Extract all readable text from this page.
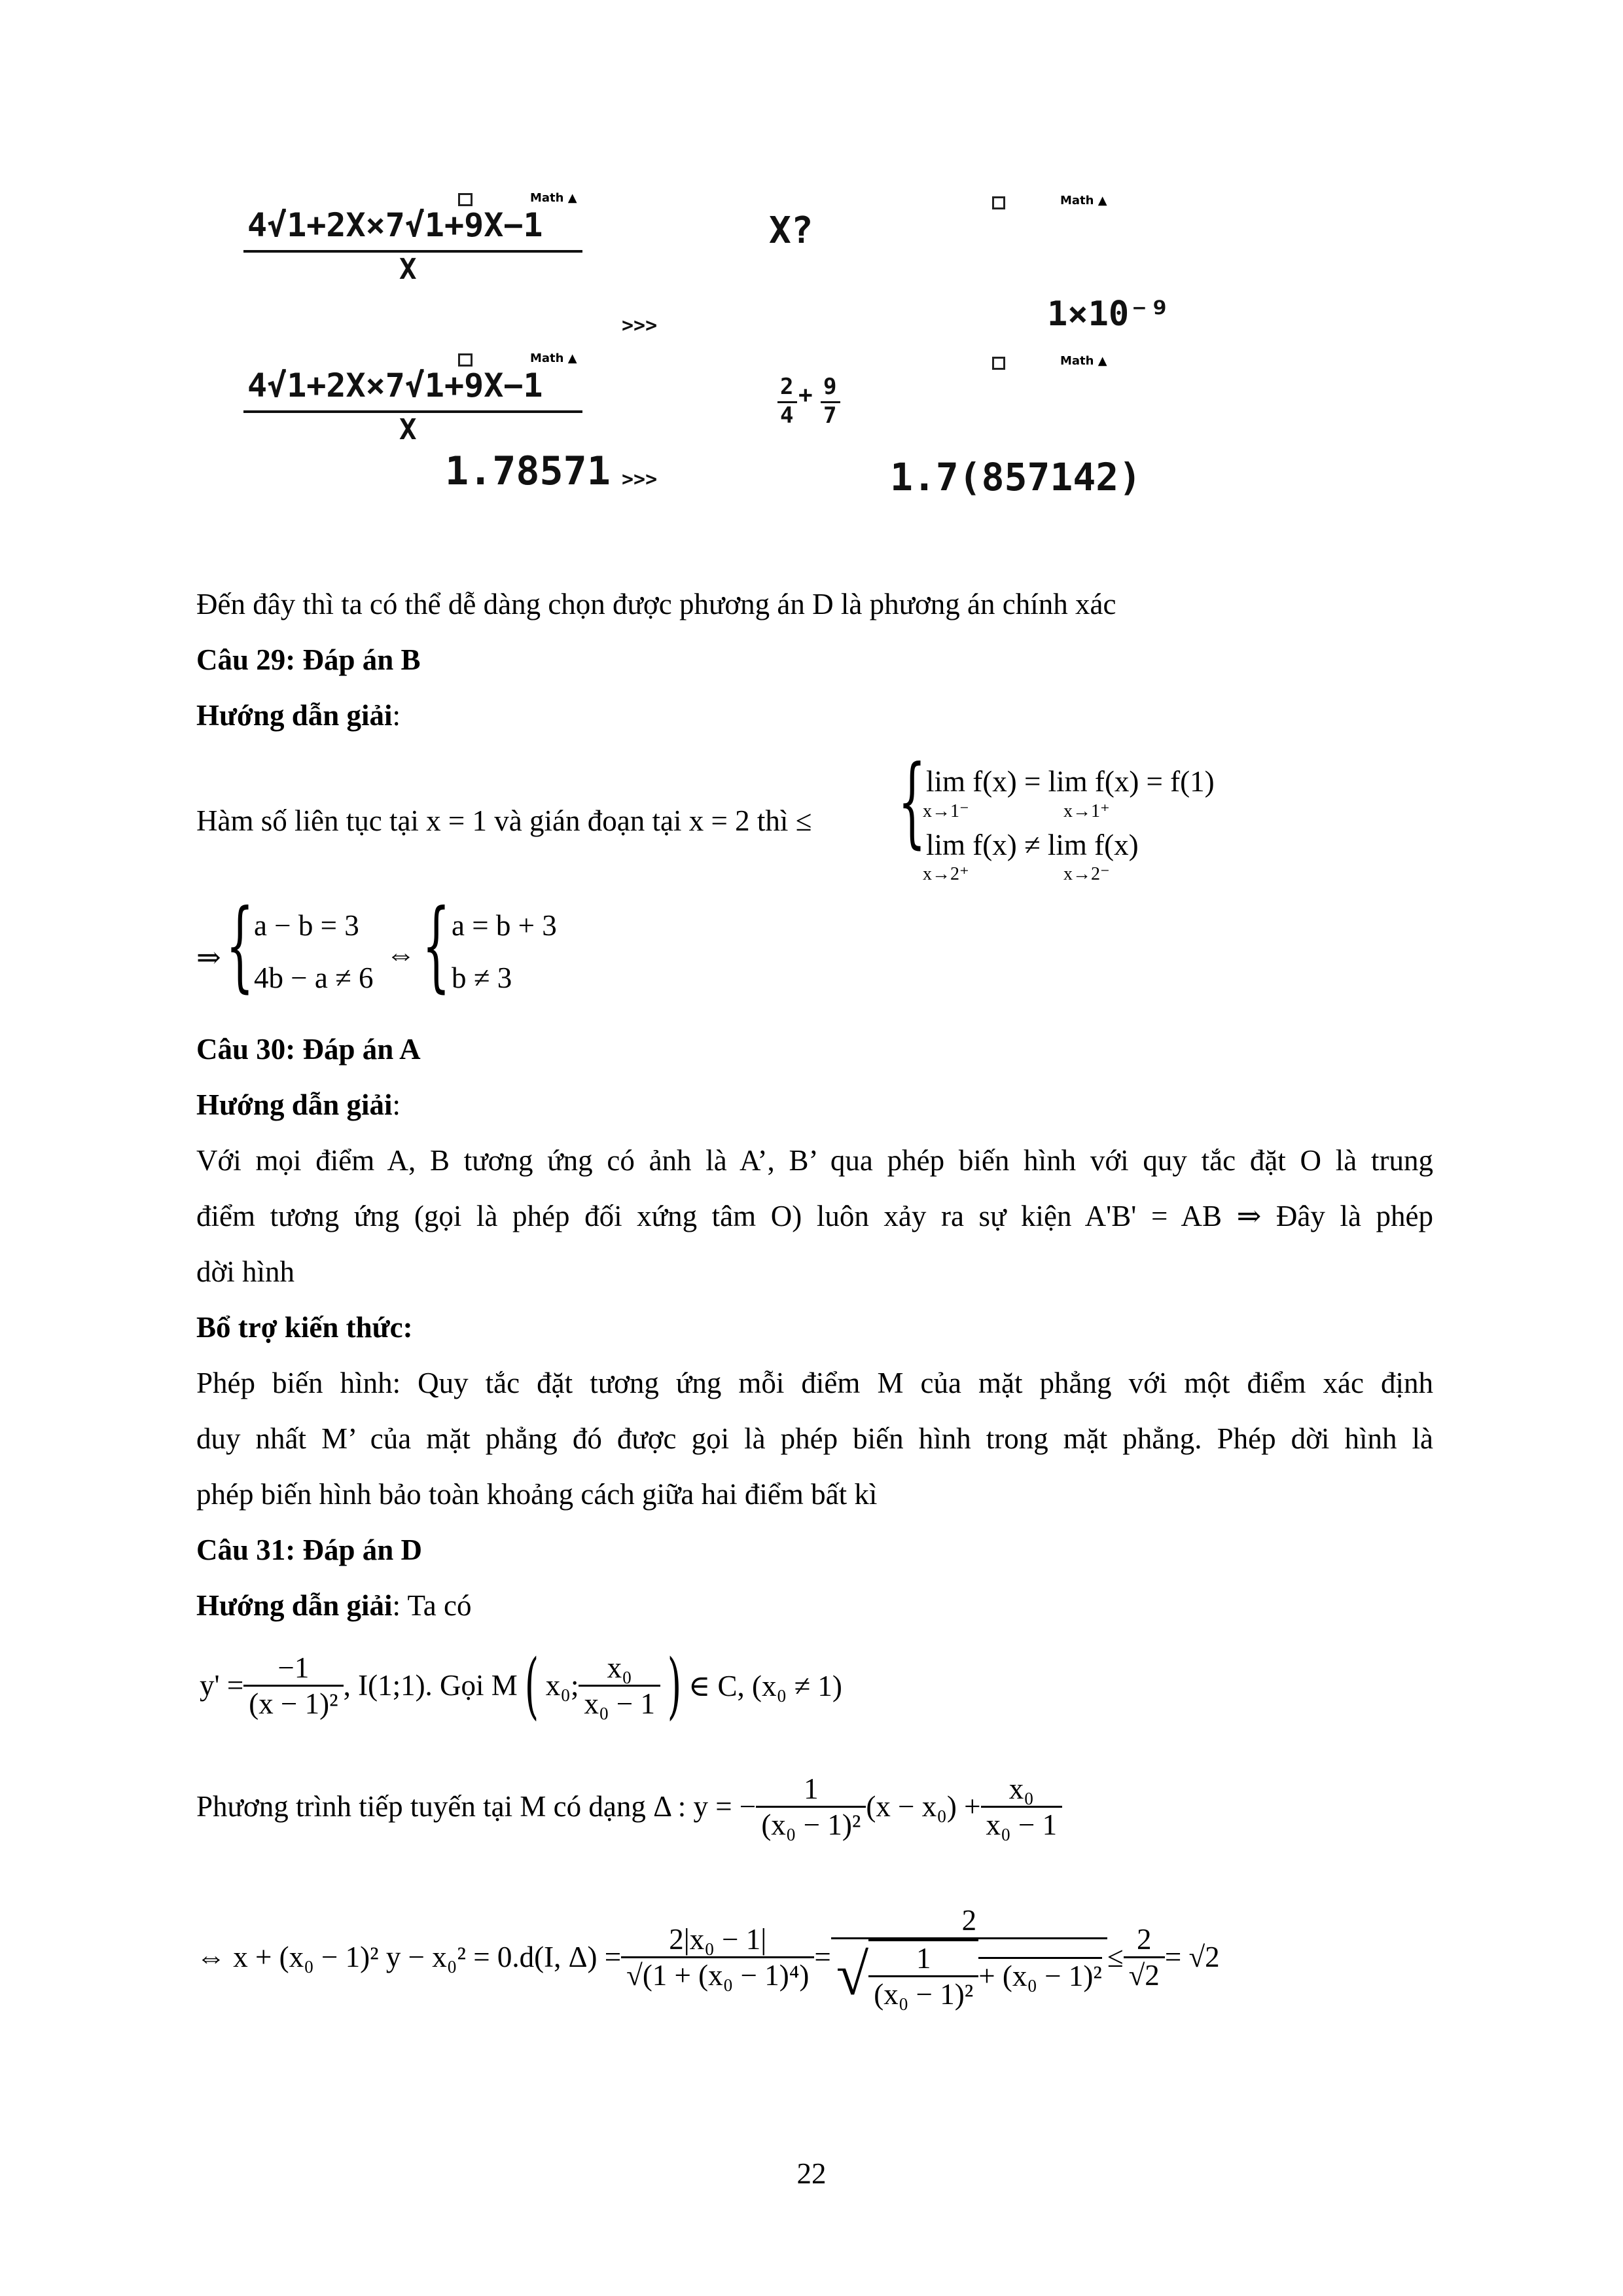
Math ▲
4√1+2X×7√1+9X−1
X
>>>
X?
Math ▲
1×10⁻⁹
Math ▲
4√1+2X×7√1+9X−1
X
1.78571 >>>
2
4
+ 9
7
Math ▲
1.7(857142)
Đến đây thì ta có thể dễ dàng chọn được phương án D là phương án chính xác
Câu 29: Đáp án B
Hướng dẫn giải:
Hàm số liên tục tại x = 1 và gián đoạn tại x = 2 thì ≤ { lim f(x) = lim f(x) = f(1)
x→1⁻	x→1⁺
lim f(x) ≠ lim f(x)
x→2⁺	x→2⁻
⇒ { a − b = 3
4b − a ≠ 6
⇔ { a = b + 3
b ≠ 3
Câu 30: Đáp án A
Hướng dẫn giải:
Với mọi điểm A, B tương ứng có ảnh là A’, B’ qua phép biến hình với quy tắc đặt O là trung
điểm tương ứng (gọi là phép đối xứng tâm O) luôn xảy ra sự kiện A'B' = AB ⇒ Đây là phép
dời hình
Bổ trợ kiến thức:
Phép biến hình: Quy tắc đặt tương ứng mỗi điểm M của mặt phẳng với một điểm xác định
duy nhất M’ của mặt phẳng đó được gọi là phép biến hình trong mặt phẳng. Phép dời hình là
phép biến hình bảo toàn khoảng cách giữa hai điểm bất kì
Câu 31: Đáp án D
Hướng dẫn giải: Ta có
$y' = \frac{-1}{\text{(x − 1)²}}$ , I(1;1). Gọi M ( x₀; $\frac{\text{x₀}}{\text{x₀ − 1}}$ ) ∈ C, (x₀ ≠ 1)
Phương trình tiếp tuyến tại M có dạng Δ : y = − $\frac{1}{\text{(x₀ − 1)²}} (x - x_0) + \frac{\text{x₀}}{\text{x₀ − 1}}$
⇔ x + (x₀ − 1)² y − x₀² = 0.d(I, $\Delta) = \frac{\text{2|x₀ − 1|}}{\text{√(1 + (x₀ − 1)⁴)}}$ =
2
√ $\frac{1}{\text{(x₀ − 1)²}} + (x_0 - 1)^2$
≤ $\frac{2}{√2} = √2$
22
